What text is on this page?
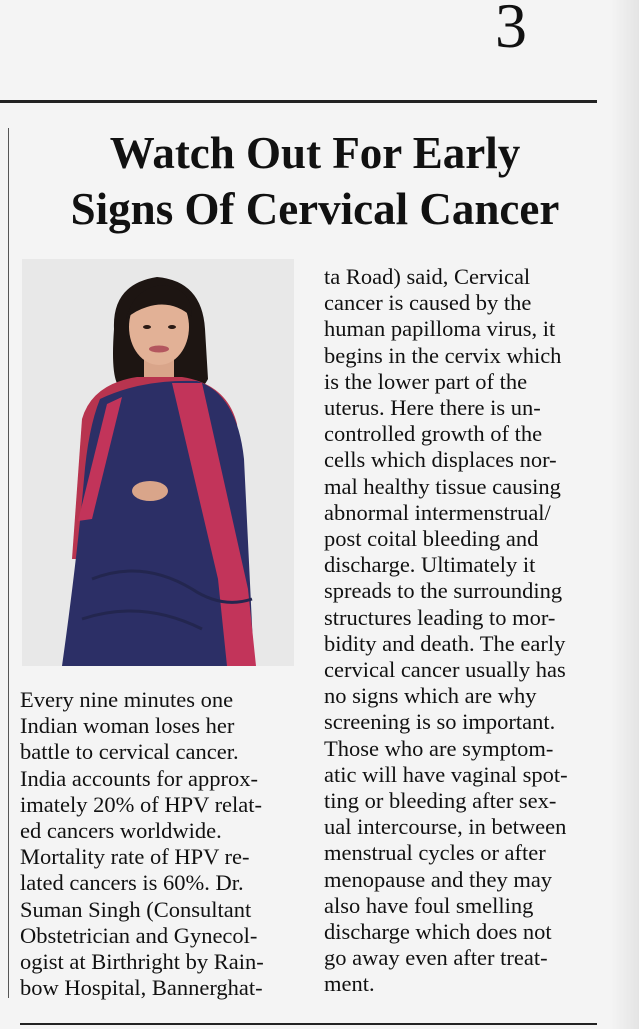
3
Watch Out For Early
Signs Of Cervical Cancer
Every nine minutes one
Indian woman loses her
battle to cervical cancer.
India accounts for approx-
imately 20% of HPV relat-
ed cancers worldwide.
Mortality rate of HPV re-
lated cancers is 60%. Dr.
Suman Singh (Consultant
Obstetrician and Gynecol-
ogist at Birthright by Rain-
bow Hospital, Bannerghat-
ta Road) said, Cervical
cancer is caused by the
human papilloma virus, it
begins in the cervix which
is the lower part of the
uterus. Here there is un-
controlled growth of the
cells which displaces nor-
mal healthy tissue causing
abnormal intermenstrual/
post coital bleeding and
discharge. Ultimately it
spreads to the surrounding
structures leading to mor-
bidity and death. The early
cervical cancer usually has
no signs which are why
screening is so important.
Those who are symptom-
atic will have vaginal spot-
ting or bleeding after sex-
ual intercourse, in between
menstrual cycles or after
menopause and they may
also have foul smelling
discharge which does not
go away even after treat-
ment.
